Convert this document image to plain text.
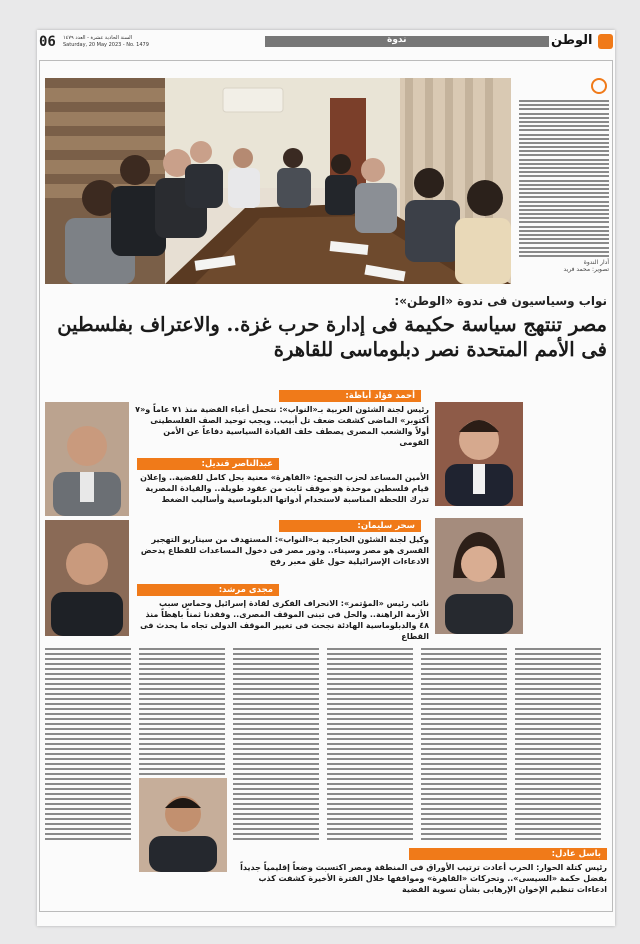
06	السنة الحادية عشرة - العدد ١٤٧٩
Saturday, 20 May 2023 - No. 1479	ندوة	الوطن
أدار الندوة
تصوير: محمد فريد
نواب وسياسيون فى ندوة «الوطن»:
مصر تنتهج سياسة حكيمة فى إدارة حرب غزة.. والاعتراف بفلسطين فى الأمم المتحدة نصر دبلوماسى للقاهرة
أحمد فؤاد أباظة:
رئيس لجنة الشئون العربية بـ«النواب»: نتحمل أعباء القضية منذ ٧١ عاماً و«٧ أكتوبر» الماضى كشفت ضعف تل أبيب.. ويجب توحيد الصف الفلسطينى أولاً والشعب المصرى يصطف خلف القيادة السياسية دفاعاً عن الأمن القومى
عبدالناصر قنديل:
الأمين المساعد لحزب التجمع: «القاهرة» معنية بحل كامل للقضية.. وإعلان قيام فلسطين موحدة هو موقف ثابت من عقود طويلة.. والقيادة المصرية تدرك اللحظة المناسبة لاستخدام أدواتها الدبلوماسية وأساليب الضغط
سحر سليمان:
وكيل لجنة الشئون الخارجية بـ«النواب»: المستهدف من سيناريو التهجير القسرى هو مصر وسيناء.. ودور مصر فى دخول المساعدات للقطاع يدحض الادعاءات الإسرائيلية حول غلق معبر رفح
مجدى مرشد:
نائب رئيس «المؤتمر»: الانحراف الفكرى لقادة إسرائيل وحماس سبب الأزمة الراهنة.. والحل فى تبنى الموقف المصرى.. وفقدنا ثمناً باهظاً منذ ٤٨ والدبلوماسية الهادئة نجحت فى تغيير الموقف الدولى تجاه ما يحدث فى القطاع
باسل عادل:
رئيس كتلة الحوار: الحرب أعادت ترتيب الأوراق فى المنطقة ومصر اكتسبت وضعاً إقليمياً جديداً بفضل حكمة «السيسى».. وتحركات «القاهرة» ومواقفها خلال الفترة الأخيرة كشفت كذب ادعاءات تنظيم الإخوان الإرهابى بشأن تسوية القضية
